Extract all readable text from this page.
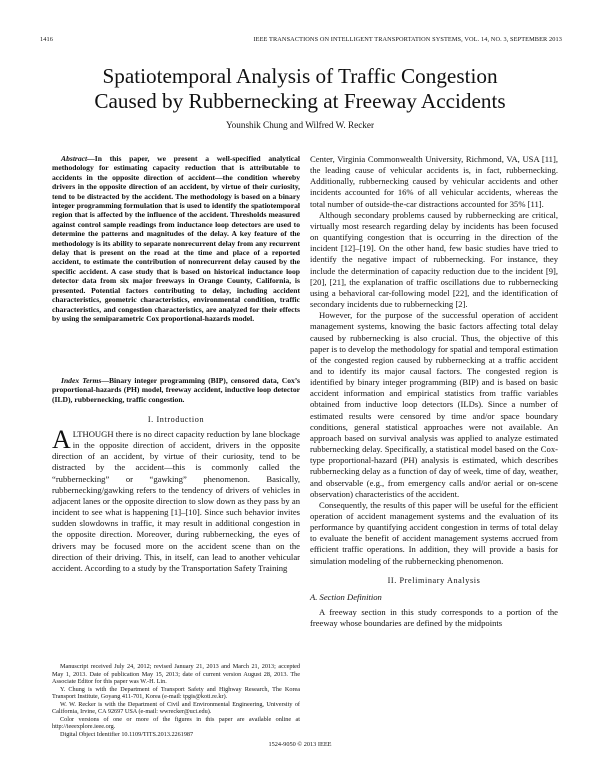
1416	IEEE TRANSACTIONS ON INTELLIGENT TRANSPORTATION SYSTEMS, VOL. 14, NO. 3, SEPTEMBER 2013
Spatiotemporal Analysis of Traffic Congestion
Caused by Rubbernecking at Freeway Accidents
Younshik Chung and Wilfred W. Recker

Abstract—In this paper, we present a well-specified analytical methodology for estimating capacity reduction that is attributable to accidents in the opposite direction of accident—the condition whereby drivers in the opposite direction of an accident, by virtue of their curiosity, tend to be distracted by the accident. The methodology is based on a binary integer programming formulation that is used to identify the spatiotemporal region that is affected by the influence of the accident. Thresholds measured against control sample readings from inductance loop detectors are used to determine the patterns and magnitudes of the delay. A key feature of the methodology is its ability to separate nonrecurrent delay from any recurrent delay that is present on the road at the time and place of a reported accident, to estimate the contribution of nonrecurrent delay caused by the specific accident. A case study that is based on historical inductance loop detector data from six major freeways in Orange County, California, is presented. Potential factors contributing to delay, including accident characteristics, geometric characteristics, environmental condition, traffic characteristics, and congestion characteristics, are analyzed for their effects by using the semiparametric Cox proportional-hazards model.

Index Terms—Binary integer programming (BIP), censored data, Cox’s proportional-hazards (PH) model, freeway accident, inductive loop detector (ILD), rubbernecking, traffic congestion.

I. Introduction

ALTHOUGH there is no direct capacity reduction by lane blockage in the opposite direction of accident, drivers in the opposite direction of an accident, by virtue of their curiosity, tend to be distracted by the accident—this is commonly called the “rubbernecking” or “gawking” phenomenon. Basically, rubbernecking/gawking refers to the tendency of drivers of vehicles in adjacent lanes or the opposite direction to slow down as they pass by an incident to see what is happening [1]–[10]. Since such behavior invites sudden slowdowns in traffic, it may result in additional congestion in the opposite direction. Moreover, during rubbernecking, the eyes of drivers may be focused more on the accident scene than on the direction of their driving. This, in itself, can lead to another vehicular accident. According to a study by the Transportation Safety Training

Manuscript received July 24, 2012; revised January 21, 2013 and March 21, 2013; accepted May 1, 2013. Date of publication May 15, 2013; date of current version August 28, 2013. The Associate Editor for this paper was W.-H. Lin.

Y. Chung is with the Department of Transport Safety and Highway Research, The Korea Transport Institute, Goyang 411-701, Korea (e-mail: tpgis@koti.re.kr).

W. W. Recker is with the Department of Civil and Environmental Engineering, University of California, Irvine, CA 92697 USA (e-mail: wwrecker@uci.edu).

Color versions of one or more of the figures in this paper are available online at http://ieeexplore.ieee.org.

Digital Object Identifier 10.1109/TITS.2013.2261987

Center, Virginia Commonwealth University, Richmond, VA, USA [11], the leading cause of vehicular accidents is, in fact, rubbernecking. Additionally, rubbernecking caused by vehicular accidents and other incidents accounted for 16% of all vehicular accidents, whereas the total number of outside-the-car distractions accounted for 35% [11].

Although secondary problems caused by rubbernecking are critical, virtually most research regarding delay by incidents has been focused on quantifying congestion that is occurring in the direction of the incident [12]–[19]. On the other hand, few basic studies have tried to identify the negative impact of rubbernecking. For instance, they include the determination of capacity reduction due to the incident [9], [20], [21], the explanation of traffic oscillations due to rubbernecking using a behavioral car-following model [22], and the identification of secondary incidents due to rubbernecking [2].

However, for the purpose of the successful operation of accident management systems, knowing the basic factors affecting total delay caused by rubbernecking is also crucial. Thus, the objective of this paper is to develop the methodology for spatial and temporal estimation of the congested region caused by rubbernecking at a traffic accident and to identify its major causal factors. The congested region is identified by binary integer programming (BIP) and is based on basic accident information and empirical statistics from traffic variables obtained from inductive loop detectors (ILDs). Since a number of estimated results were censored by time and/or space boundary conditions, general statistical approaches were not available. An approach based on survival analysis was applied to analyze estimated rubbernecking delay. Specifically, a statistical model based on the Cox-type proportional-hazard (PH) analysis is estimated, which describes rubbernecking delay as a function of day of week, time of day, weather, and observable (e.g., from emergency calls and/or aerial or on-scene observation) characteristics of the accident.

Consequently, the results of this paper will be useful for the efficient operation of accident management systems and the evaluation of its performance by quantifying accident congestion in terms of total delay to evaluate the benefit of accident management systems accrued from efficient traffic operations. In addition, they will provide a basis for simulation modeling of the rubbernecking phenomenon.

II. Preliminary Analysis

A. Section Definition

A freeway section in this study corresponds to a portion of the freeway whose boundaries are defined by the midpoints

1524-9050 © 2013 IEEE
